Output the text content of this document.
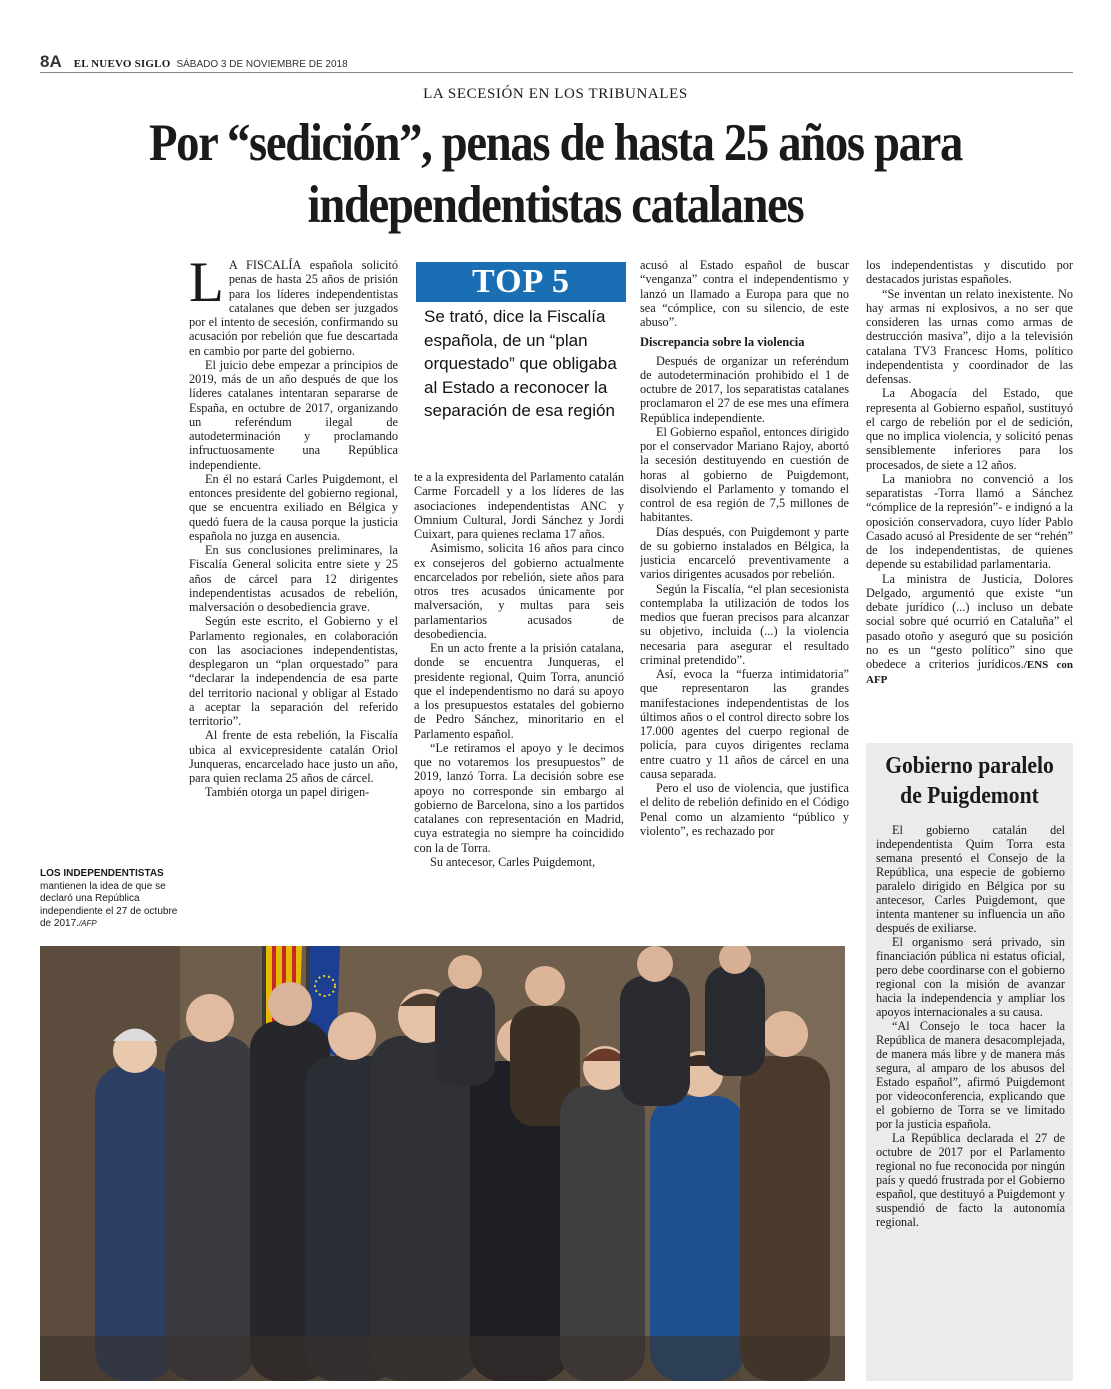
8A EL NUEVO SIGLO SÁBADO 3 DE NOVIEMBRE DE 2018
LA SECESIÓN EN LOS TRIBUNALES
Por “sedición”, penas de hasta 25 años para independentistas catalanes
L A FISCALÍA española solicitó penas de hasta 25 años de prisión para los líderes independentistas catalanes que deben ser juzgados por el intento de secesión, confirmando su acusación por rebelión que fue descartada en cambio por parte del gobierno.

El juicio debe empezar a principios de 2019, más de un año después de que los líderes catalanes intentaran separarse de España, en octubre de 2017, organizando un referéndum ilegal de autodeterminación y proclamando infructuosamente una República independiente.

En él no estará Carles Puigdemont, el entonces presidente del gobierno regional, que se encuentra exiliado en Bélgica y quedó fuera de la causa porque la justicia española no juzga en ausencia.

En sus conclusiones preliminares, la Fiscalía General solicita entre siete y 25 años de cárcel para 12 dirigentes independentistas acusados de rebelión, malversación o desobediencia grave.

Según este escrito, el Gobierno y el Parlamento regionales, en colaboración con las asociaciones independentistas, desplegaron un “plan orquestado” para “declarar la independencia de esa parte del territorio nacional y obligar al Estado a aceptar la separación del referido territorio”.

Al frente de esta rebelión, la Fiscalía ubica al exvicepresidente catalán Oriol Junqueras, encarcelado hace justo un año, para quien reclama 25 años de cárcel.

También otorga un papel dirigen-

TOP 5
Se trató, dice la Fiscalía española, de un “plan orquestado” que obligaba al Estado a reconocer la separación de esa región

te a la expresidenta del Parlamento catalán Carme Forcadell y a los líderes de las asociaciones independentistas ANC y Omnium Cultural, Jordi Sánchez y Jordi Cuixart, para quienes reclama 17 años.

Asimismo, solicita 16 años para cinco ex consejeros del gobierno actualmente encarcelados por rebelión, siete años para otros tres acusados únicamente por malversación, y multas para seis parlamentarios acusados de desobediencia.

En un acto frente a la prisión catalana, donde se encuentra Junqueras, el presidente regional, Quim Torra, anunció que el independentismo no dará su apoyo a los presupuestos estatales del gobierno de Pedro Sánchez, minoritario en el Parlamento español.

“Le retiramos el apoyo y le decimos que no votaremos los presupuestos” de 2019, lanzó Torra. La decisión sobre ese apoyo no corresponde sin embargo al gobierno de Barcelona, sino a los partidos catalanes con representación en Madrid, cuya estrategia no siempre ha coincidido con la de Torra.

Su antecesor, Carles Puigdemont,

acusó al Estado español de buscar “venganza” contra el independentismo y lanzó un llamado a Europa para que no sea “cómplice, con su silencio, de este abuso”.

Discrepancia sobre la violencia

Después de organizar un referéndum de autodeterminación prohibido el 1 de octubre de 2017, los separatistas catalanes proclamaron el 27 de ese mes una efímera República independiente.

El Gobierno español, entonces dirigido por el conservador Mariano Rajoy, abortó la secesión destituyendo en cuestión de horas al gobierno de Puigdemont, disolviendo el Parlamento y tomando el control de esa región de 7,5 millones de habitantes.

Días después, con Puigdemont y parte de su gobierno instalados en Bélgica, la justicia encarceló preventivamente a varios dirigentes acusados por rebelión.

Según la Fiscalía, “el plan secesionista contemplaba la utilización de todos los medios que fueran precisos para alcanzar su objetivo, incluida (...) la violencia necesaria para asegurar el resultado criminal pretendido”.

Así, evoca la “fuerza intimidatoria” que representaron las grandes manifestaciones independentistas de los últimos años o el control directo sobre los 17.000 agentes del cuerpo regional de policía, para cuyos dirigentes reclama entre cuatro y 11 años de cárcel en una causa separada.

Pero el uso de violencia, que justifica el delito de rebelión definido en el Código Penal como un alzamiento “público y violento”, es rechazado por

los independentistas y discutido por destacados juristas españoles.

“Se inventan un relato inexistente. No hay armas ni explosivos, a no ser que consideren las urnas como armas de destrucción masiva”, dijo a la televisión catalana TV3 Francesc Homs, político independentista y coordinador de las defensas.

La Abogacía del Estado, que representa al Gobierno español, sustituyó el cargo de rebelión por el de sedición, que no implica violencia, y solicitó penas sensiblemente inferiores para los procesados, de siete a 12 años.

La maniobra no convenció a los separatistas -Torra llamó a Sánchez “cómplice de la represión”- e indignó a la oposición conservadora, cuyo líder Pablo Casado acusó al Presidente de ser “rehén” de los independentistas, de quienes depende su estabilidad parlamentaria.

La ministra de Justicia, Dolores Delgado, argumentó que existe “un debate jurídico (...) incluso un debate social sobre qué ocurrió en Cataluña” el pasado otoño y aseguró que su posición no es un “gesto político” sino que obedece a criterios jurídicos./ENS con AFP

Gobierno paralelo de Puigdemont

El gobierno catalán del independentista Quim Torra esta semana presentó el Consejo de la República, una especie de gobierno paralelo dirigido en Bélgica por su antecesor, Carles Puigdemont, que intenta mantener su influencia un año después de exiliarse.

El organismo será privado, sin financiación pública ni estatus oficial, pero debe coordinarse con el gobierno regional con la misión de avanzar hacia la independencia y ampliar los apoyos internacionales a su causa.

“Al Consejo le toca hacer la República de manera desacomplejada, de manera más libre y de manera más segura, al amparo de los abusos del Estado español”, afirmó Puigdemont por videoconferencia, explicando que el gobierno de Torra se ve limitado por la justicia española.

La República declarada el 27 de octubre de 2017 por el Parlamento regional no fue reconocida por ningún país y quedó frustrada por el Gobierno español, que destituyó a Puigdemont y suspendió de facto la autonomía regional.

LOS INDEPENDENTISTAS
mantienen la idea de que se declaró una República independiente el 27 de octubre de 2017./AFP
